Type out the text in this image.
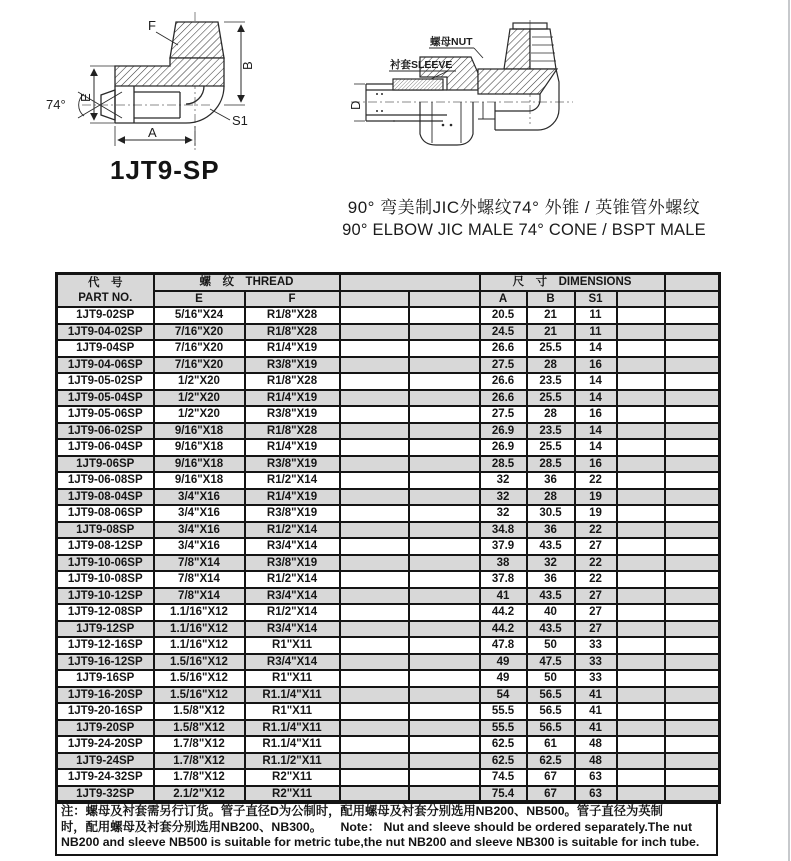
F
B
74° E
S1
A
1JT9-SP
螺母NUT
衬套SLEEVE
D
90° 弯美制JIC外螺纹74° 外锥 / 英锥管外螺纹
90° ELBOW JIC MALE 74° CONE / BSPT MALE
代　号
PART NO.	螺　纹　THREAD				尺　寸　DIMENSIONS				
	E	F			A	B	S1		
1JT9-02SP	5/16"X24	R1/8"X28			20.5	21	11		
1JT9-04-02SP	7/16"X20	R1/8"X28			24.5	21	11		
1JT9-04SP	7/16"X20	R1/4"X19			26.6	25.5	14		
1JT9-04-06SP	7/16"X20	R3/8"X19			27.5	28	16		
1JT9-05-02SP	1/2"X20	R1/8"X28			26.6	23.5	14		
1JT9-05-04SP	1/2"X20	R1/4"X19			26.6	25.5	14		
1JT9-05-06SP	1/2"X20	R3/8"X19			27.5	28	16		
1JT9-06-02SP	9/16"X18	R1/8"X28			26.9	23.5	14		
1JT9-06-04SP	9/16"X18	R1/4"X19			26.9	25.5	14		
1JT9-06SP	9/16"X18	R3/8"X19			28.5	28.5	16		
1JT9-06-08SP	9/16"X18	R1/2"X14			32	36	22		
1JT9-08-04SP	3/4"X16	R1/4"X19			32	28	19		
1JT9-08-06SP	3/4"X16	R3/8"X19			32	30.5	19		
1JT9-08SP	3/4"X16	R1/2"X14			34.8	36	22		
1JT9-08-12SP	3/4"X16	R3/4"X14			37.9	43.5	27		
1JT9-10-06SP	7/8"X14	R3/8"X19			38	32	22		
1JT9-10-08SP	7/8"X14	R1/2"X14			37.8	36	22		
1JT9-10-12SP	7/8"X14	R3/4"X14			41	43.5	27		
1JT9-12-08SP	1.1/16"X12	R1/2"X14			44.2	40	27		
1JT9-12SP	1.1/16"X12	R3/4"X14			44.2	43.5	27		
1JT9-12-16SP	1.1/16"X12	R1"X11			47.8	50	33		
1JT9-16-12SP	1.5/16"X12	R3/4"X14			49	47.5	33		
1JT9-16SP	1.5/16"X12	R1"X11			49	50	33		
1JT9-16-20SP	1.5/16"X12	R1.1/4"X11			54	56.5	41		
1JT9-20-16SP	1.5/8"X12	R1"X11			55.5	56.5	41		
1JT9-20SP	1.5/8"X12	R1.1/4"X11			55.5	56.5	41		
1JT9-24-20SP	1.7/8"X12	R1.1/4"X11			62.5	61	48		
1JT9-24SP	1.7/8"X12	R1.1/2"X11			62.5	62.5	48		
1JT9-24-32SP	1.7/8"X12	R2"X11			74.5	67	63		
1JT9-32SP	2.1/2"X12	R2"X11			75.4	67	63		
注：螺母及衬套需另行订货。管子直径D为公制时，配用螺母及衬套分别选用NB200、NB500。管子直径为英制
时，配用螺母及衬套分别选用NB200、NB300。　　Note： Nut and sleeve should be ordered separately.The nut
NB200 and sleeve NB500 is suitable for metric tube,the nut NB200 and sleeve NB300 is suitable for inch tube.
